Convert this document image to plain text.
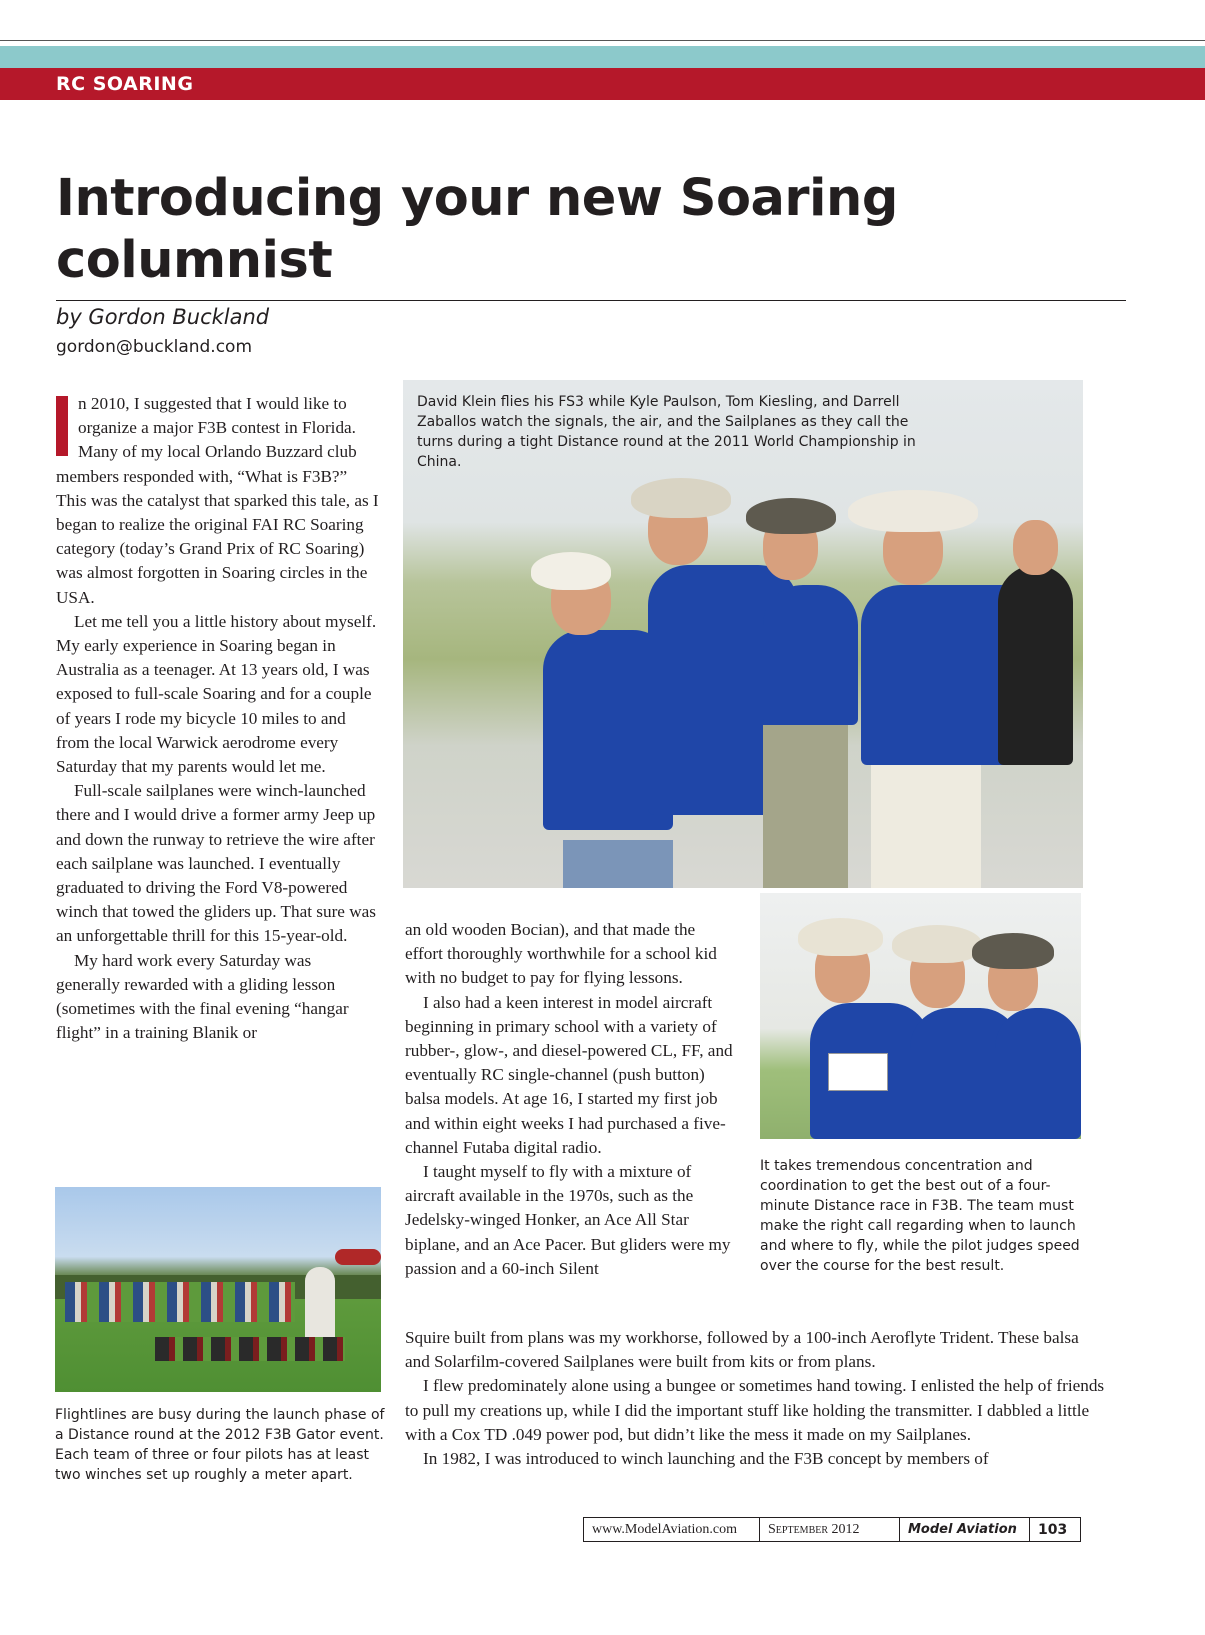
RC SOARING
Introducing your new Soaring columnist
by Gordon Buckland
gordon@buckland.com

n 2010, I suggested that I would like to organize a major F3B contest in Florida. Many of my local Orlando Buzzard club members responded with, “What is F3B?” This was the catalyst that sparked this tale, as I began to realize the original FAI RC Soaring category (today’s Grand Prix of RC Soaring) was almost forgotten in Soaring circles in the USA.

Let me tell you a little history about myself. My early experience in Soaring began in Australia as a teenager. At 13 years old, I was exposed to full-scale Soaring and for a couple of years I rode my bicycle 10 miles to and from the local Warwick aerodrome every Saturday that my parents would let me.

Full-scale sailplanes were winch-launched there and I would drive a former army Jeep up and down the runway to retrieve the wire after each sailplane was launched. I eventually graduated to driving the Ford V8-powered winch that towed the gliders up. That sure was an unforgettable thrill for this 15-year-old.

My hard work every Saturday was generally rewarded with a gliding lesson (sometimes with the final evening “hangar flight” in a training Blanik or

David Klein flies his FS3 while Kyle Paulson, Tom Kiesling, and Darrell Zaballos watch the signals, the air, and the Sailplanes as they call the turns during a tight Distance round at the 2011 World Championship in China.
It takes tremendous concentration and coordination to get the best out of a four-minute Distance race in F3B. The team must make the right call regarding when to launch and where to fly, while the pilot judges speed over the course for the best result.

an old wooden Bocian), and that made the effort thoroughly worthwhile for a school kid with no budget to pay for flying lessons.

I also had a keen interest in model aircraft beginning in primary school with a variety of rubber-, glow-, and diesel-powered CL, FF, and eventually RC single-channel (push button) balsa models. At age 16, I started my first job and within eight weeks I had purchased a five-channel Futaba digital radio.

I taught myself to fly with a mixture of aircraft available in the 1970s, such as the Jedelsky-winged Honker, an Ace All Star biplane, and an Ace Pacer. But gliders were my passion and a 60-inch Silent

Flightlines are busy during the launch phase of a Distance round at the 2012 F3B Gator event. Each team of three or four pilots has at least two winches set up roughly a meter apart.

Squire built from plans was my workhorse, followed by a 100-inch Aeroflyte Trident. These balsa and Solarfilm-covered Sailplanes were built from kits or from plans.

I flew predominately alone using a bungee or sometimes hand towing. I enlisted the help of friends to pull my creations up, while I did the important stuff like holding the transmitter. I dabbled a little with a Cox TD .049 power pod, but didn’t like the mess it made on my Sailplanes.

In 1982, I was introduced to winch launching and the F3B concept by members of

www.ModelAviation.com	September 2012	Model Aviation	103
